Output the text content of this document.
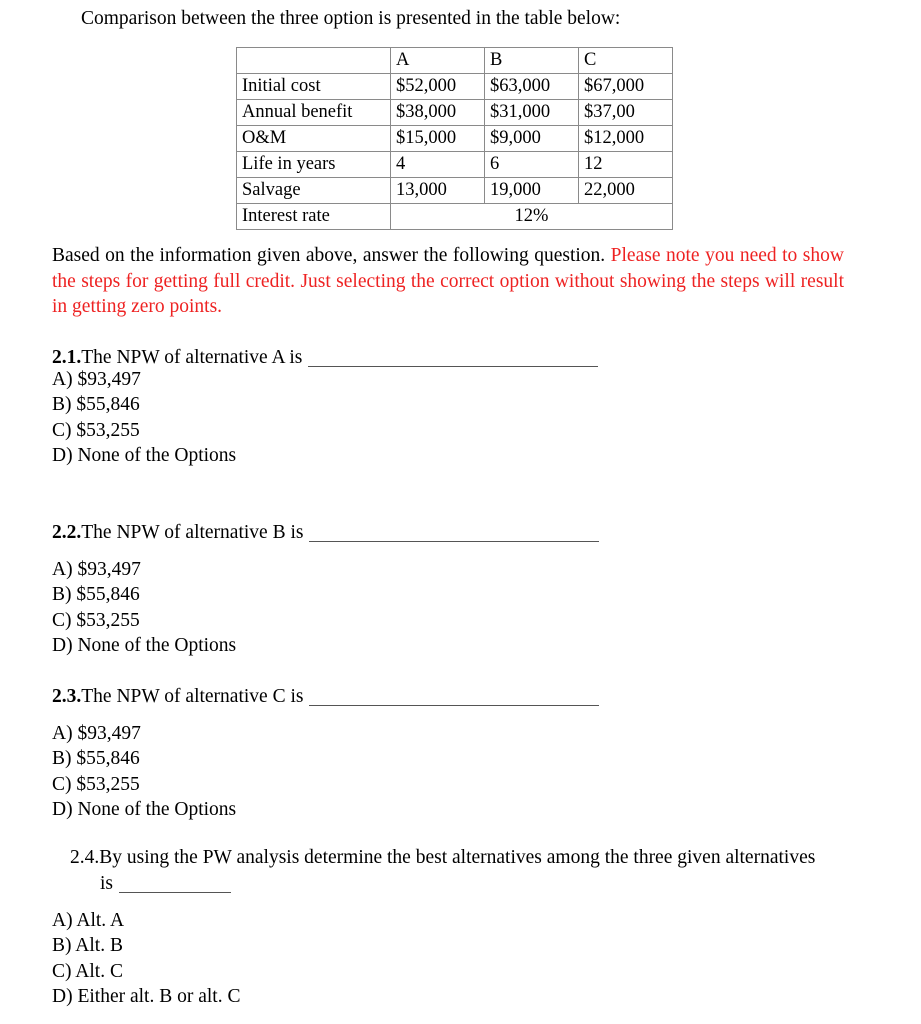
Comparison between the three option is presented in the table below:
	A	B	C
Initial cost	$52,000	$63,000	$67,000
Annual benefit	$38,000	$31,000	$37,00
O&M	$15,000	$9,000	$12,000
Life in years	4	6	12
Salvage	13,000	19,000	22,000
Interest rate	12%		
Based on the information given above, answer the following question. Please note you need to show the steps for getting full credit. Just selecting the correct option without showing the steps will result in getting zero points.
2.1.The NPW of alternative A is
A) $93,497
B) $55,846
C) $53,255
D) None of the Options
2.2.The NPW of alternative B is
A) $93,497
B) $55,846
C) $53,255
D) None of the Options
2.3.The NPW of alternative C is
A) $93,497
B) $55,846
C) $53,255
D) None of the Options
2.4.By using the PW analysis determine the best alternatives among the three given alternatives
is
A) Alt. A
B) Alt. B
C) Alt. C
D) Either alt. B or alt. C
